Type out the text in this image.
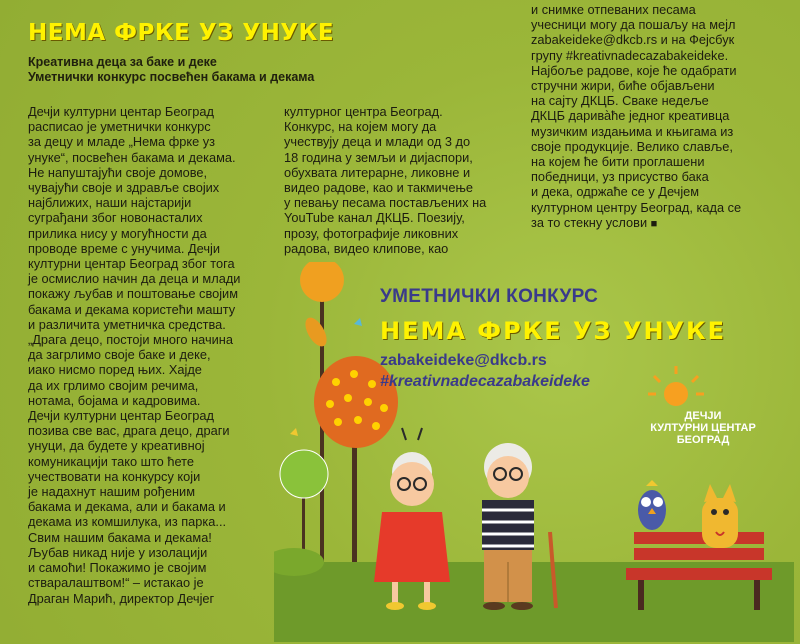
НЕМА ФРКЕ УЗ УНУКЕ
Креативна деца за баке и деке
Уметнички конкурс посвећен бакама и декама
Дечји културни центар Београд
расписао је уметнички конкурс
за децу и младе „Нема фрке уз
унуке“, посвећен бакама и декама.
Не напуштајући своје домове,
чувајући своје и здравље својих
најближих, наши најстарији
суграђани због новонасталих
прилика нису у могућности да
проводе време с унучима. Дечји
културни центар Београд због тога
је осмислио начин да деца и млади
покажу љубав и поштовање својим
бакама и декама користећи машту
и различита уметничка средства.
„Драга децо, постоји много начина
да загрлимо своје баке и деке,
иако нисмо поред њих. Хајде
да их грлимо својим речима,
нотама, бојама и кадровима.
Дечји културни центар Београд
позива све вас, драга децо, драги
унуци, да будете у креативној
комуникацији тако што ћете
учествовати на конкурсу који
је надахнут нашим рођеним
бакама и декама, али и бакама и
декама из комшилука, из парка...
Свим нашим бакама и декама!
Љубав никад није у изолацији
и самоћи! Покажимо је својим
стваралаштвом!“ – истакао је
Драган Марић, директор Дечјег
УМЕТНИЧКИ КОНКУРС
НЕМА ФРКЕ УЗ УНУКЕ
zabakeideke@dkcb.rs
#kreativnadecazabakeideke
ДЕЧЈИ
КУЛТУРНИ ЦЕНТАР
БЕОГРАД
културног центра Београд.
Конкурс, на којем могу да
учествују деца и млади од 3 до
18 година у земљи и дијаспори,
обухвата литерарне, ликовне и
видео радове, као и такмичење
у певању песама постављених на
YouTube канал ДКЦБ. Поезију,
прозу, фотографије ликовних
радова, видео клипове, као
и снимке отпеваних песама
учесници могу да пошаљу на мејл
zabakeideke@dkcb.rs и на Фејсбук
групу #kreativnadecazabakeideke.
Најбоље радове, које ће одабрати
стручни жири, биће објављени
на сајту ДКЦБ. Сваке недеље
ДКЦБ дарива̀ће једног креативца
музичким издањима и књигама из
своје продукције. Велико славље,
на којем ће бити проглашени
победници, уз присуство бака
и дека, одржаће се у Дечјем
културном центру Београд, када се
за то стекну услови ■
